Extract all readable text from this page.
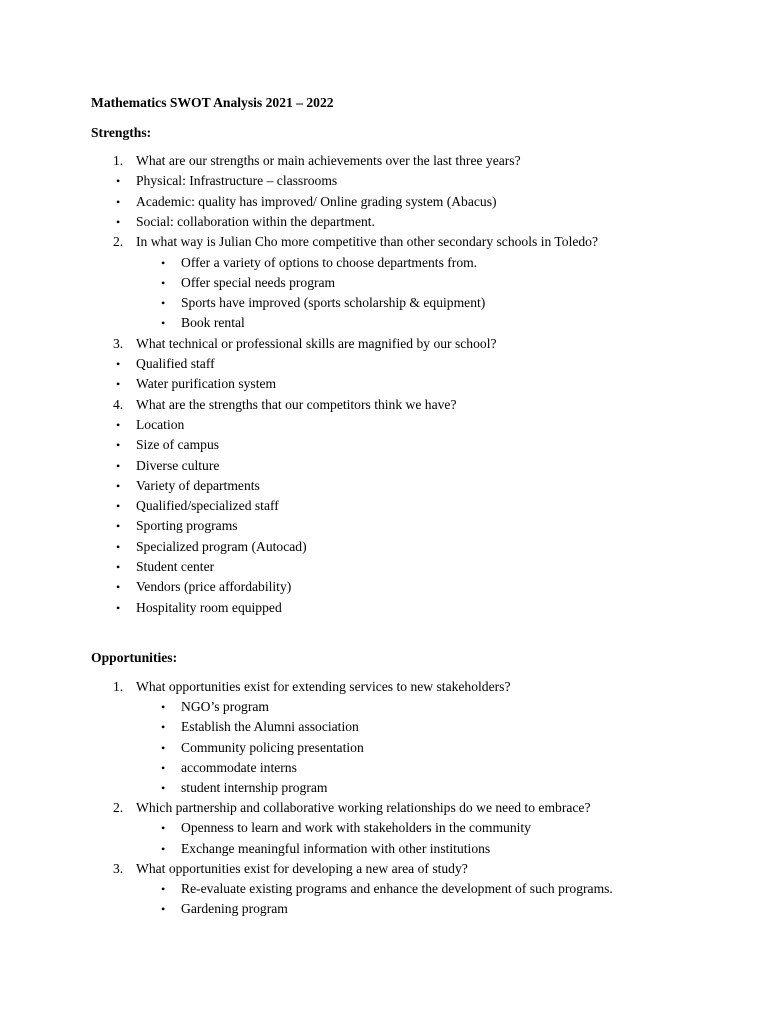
Mathematics SWOT Analysis 2021 – 2022
Strengths:
1. What are our strengths or main achievements over the last three years?
• Physical: Infrastructure – classrooms
• Academic: quality has improved/ Online grading system (Abacus)
• Social: collaboration within the department.
2. In what way is Julian Cho more competitive than other secondary schools in Toledo?
• Offer a variety of options to choose departments from.
• Offer special needs program
• Sports have improved (sports scholarship & equipment)
• Book rental
3. What technical or professional skills are magnified by our school?
• Qualified staff
• Water purification system
4. What are the strengths that our competitors think we have?
• Location
• Size of campus
• Diverse culture
• Variety of departments
• Qualified/specialized staff
• Sporting programs
• Specialized program (Autocad)
• Student center
• Vendors (price affordability)
• Hospitality room equipped
Opportunities:
1. What opportunities exist for extending services to new stakeholders?
• NGO’s program
• Establish the Alumni association
• Community policing presentation
• accommodate interns
• student internship program
2. Which partnership and collaborative working relationships do we need to embrace?
• Openness to learn and work with stakeholders in the community
• Exchange meaningful information with other institutions
3. What opportunities exist for developing a new area of study?
• Re-evaluate existing programs and enhance the development of such programs.
• Gardening program
